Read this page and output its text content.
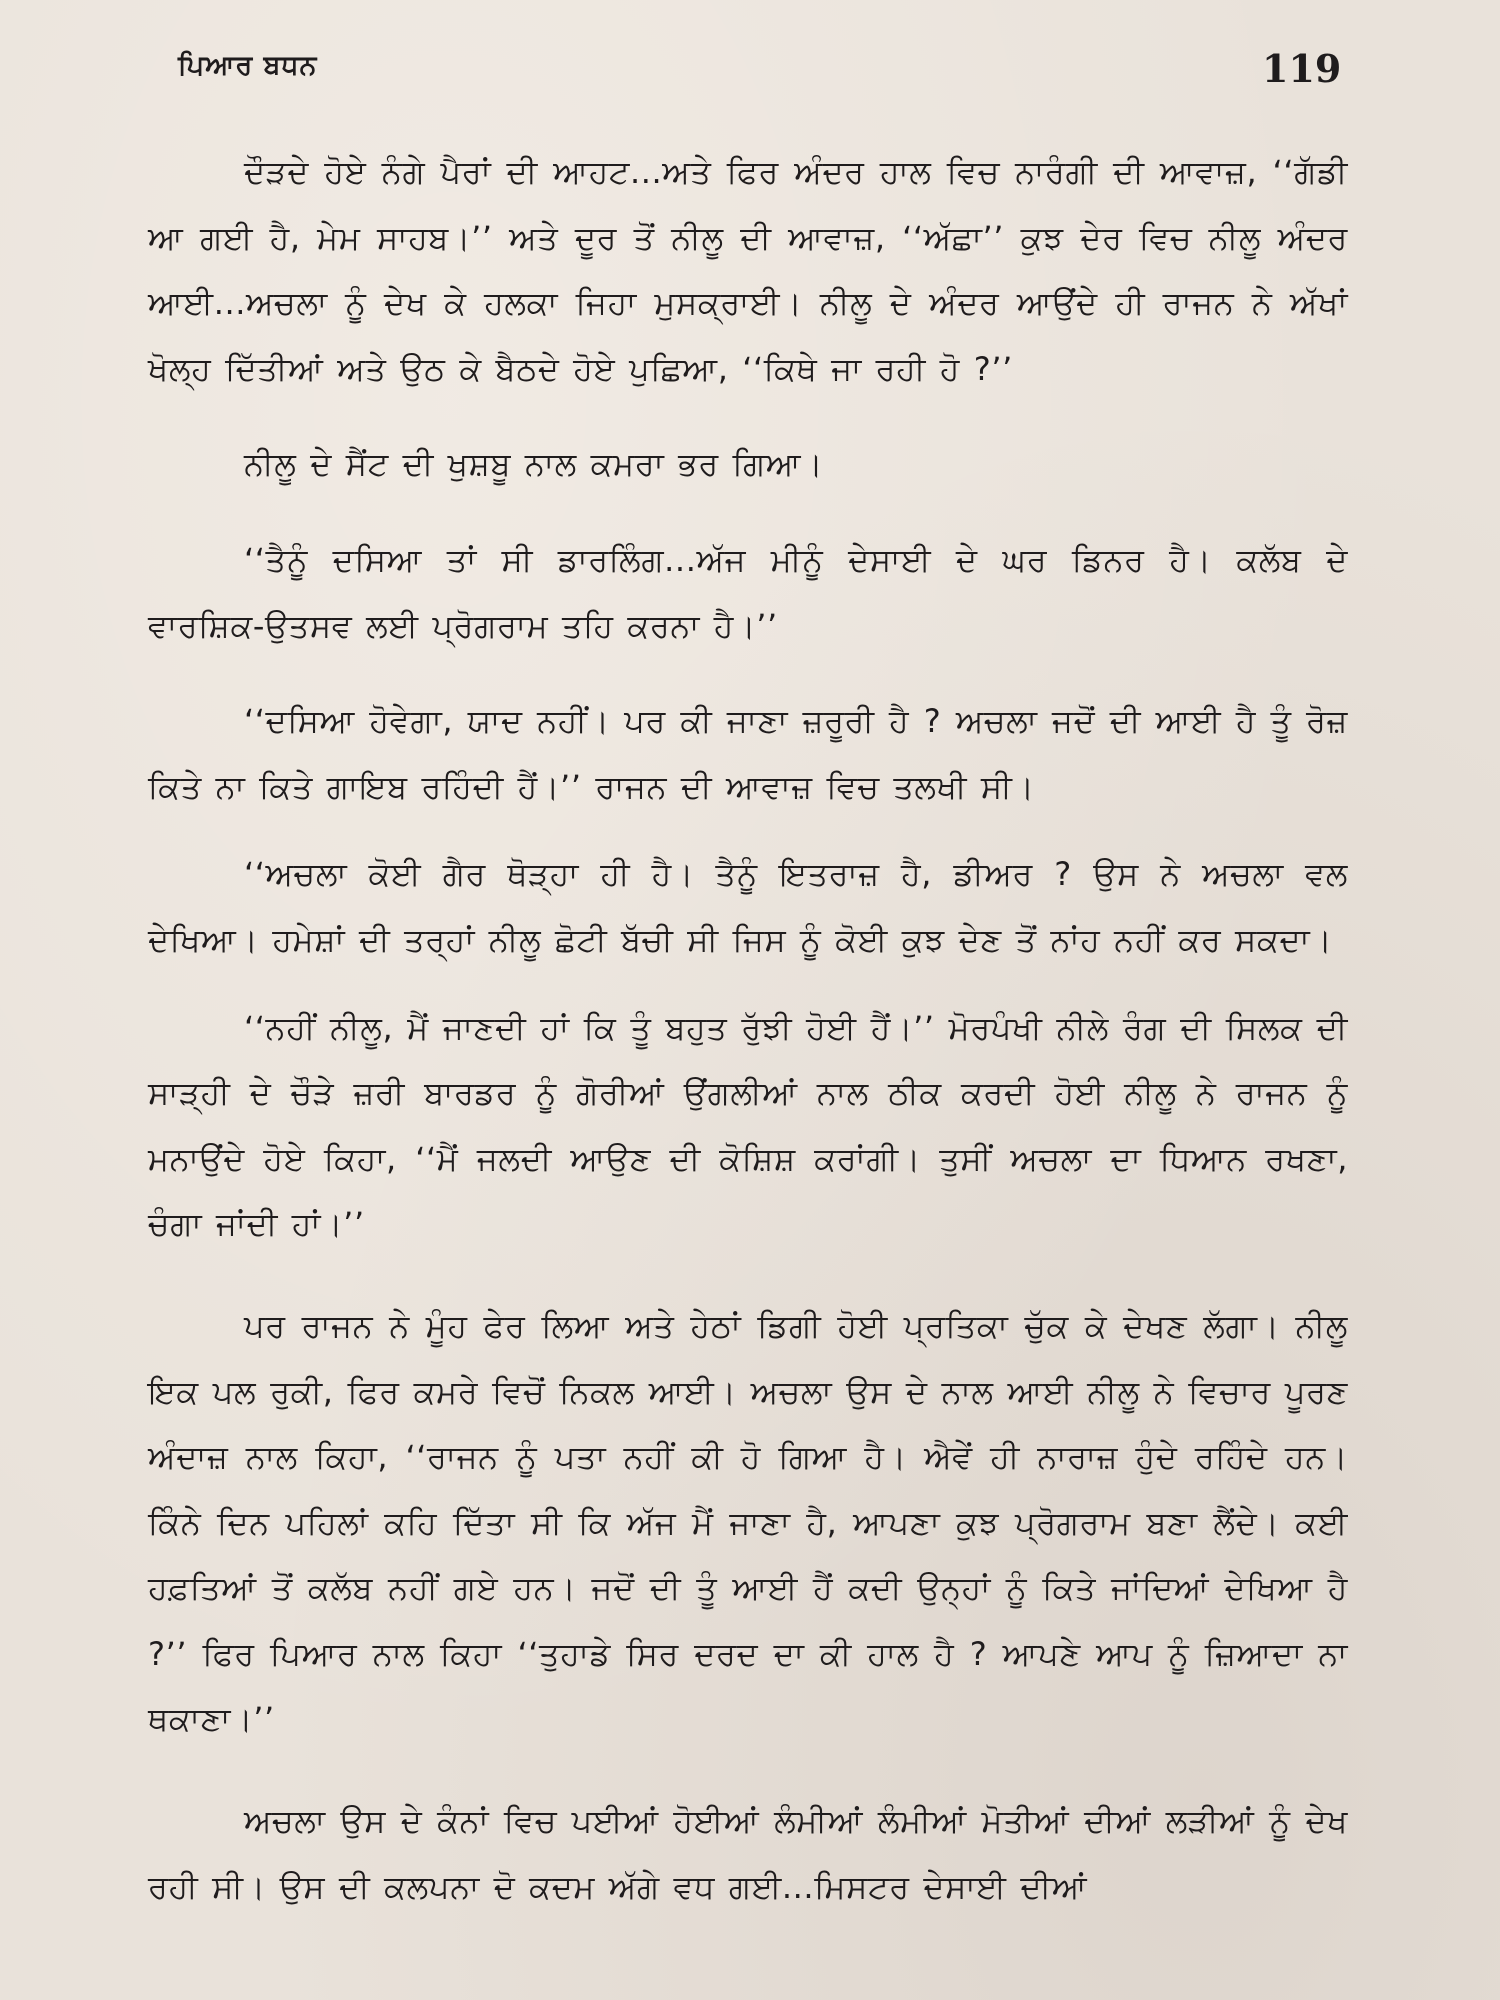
ਪਿਆਰ ਬਧਨ	119

ਦੌੜਦੇ ਹੋਏ ਨੰਗੇ ਪੈਰਾਂ ਦੀ ਆਹਟ...ਅਤੇ ਫਿਰ ਅੰਦਰ ਹਾਲ ਵਿਚ ਨਾਰੰਗੀ ਦੀ ਆਵਾਜ਼, ‘‘ਗੱਡੀ ਆ ਗਈ ਹੈ, ਮੇਮ ਸਾਹਬ।’’ ਅਤੇ ਦੂਰ ਤੋਂ ਨੀਲੂ ਦੀ ਆਵਾਜ਼, ‘‘ਅੱਛਾ’’ ਕੁਝ ਦੇਰ ਵਿਚ ਨੀਲੂ ਅੰਦਰ ਆਈ...ਅਚਲਾ ਨੂੰ ਦੇਖ ਕੇ ਹਲਕਾ ਜਿਹਾ ਮੁਸਕ੍ਰਾਈ। ਨੀਲੂ ਦੇ ਅੰਦਰ ਆਉਂਦੇ ਹੀ ਰਾਜਨ ਨੇ ਅੱਖਾਂ ਖੋਲ੍ਹ ਦਿੱਤੀਆਂ ਅਤੇ ਉਠ ਕੇ ਬੈਠਦੇ ਹੋਏ ਪੁਛਿਆ, ‘‘ਕਿਥੇ ਜਾ ਰਹੀ ਹੋ ?’’

ਨੀਲੂ ਦੇ ਸੈਂਟ ਦੀ ਖੁਸ਼ਬੂ ਨਾਲ ਕਮਰਾ ਭਰ ਗਿਆ।

‘‘ਤੈਨੂੰ ਦਸਿਆ ਤਾਂ ਸੀ ਡਾਰਲਿੰਗ...ਅੱਜ ਮੀਨੂੰ ਦੇਸਾਈ ਦੇ ਘਰ ਡਿਨਰ ਹੈ। ਕਲੱਬ ਦੇ ਵਾਰਸ਼ਿਕ-ਉਤਸਵ ਲਈ ਪ੍ਰੋਗਰਾਮ ਤਹਿ ਕਰਨਾ ਹੈ।’’

‘‘ਦਸਿਆ ਹੋਵੇਗਾ, ਯਾਦ ਨਹੀਂ। ਪਰ ਕੀ ਜਾਣਾ ਜ਼ਰੂਰੀ ਹੈ ? ਅਚਲਾ ਜਦੋਂ ਦੀ ਆਈ ਹੈ ਤੂੰ ਰੋਜ਼ ਕਿਤੇ ਨਾ ਕਿਤੇ ਗਾਇਬ ਰਹਿੰਦੀ ਹੈਂ।’’ ਰਾਜਨ ਦੀ ਆਵਾਜ਼ ਵਿਚ ਤਲਖੀ ਸੀ।

‘‘ਅਚਲਾ ਕੋਈ ਗੈਰ ਥੋੜ੍ਹਾ ਹੀ ਹੈ। ਤੈਨੂੰ ਇਤਰਾਜ਼ ਹੈ, ਡੀਅਰ ? ਉਸ ਨੇ ਅਚਲਾ ਵਲ ਦੇਖਿਆ। ਹਮੇਸ਼ਾਂ ਦੀ ਤਰ੍ਹਾਂ ਨੀਲੂ ਛੋਟੀ ਬੱਚੀ ਸੀ ਜਿਸ ਨੂੰ ਕੋਈ ਕੁਝ ਦੇਣ ਤੋਂ ਨਾਂਹ ਨਹੀਂ ਕਰ ਸਕਦਾ।

‘‘ਨਹੀਂ ਨੀਲੂ, ਮੈਂ ਜਾਣਦੀ ਹਾਂ ਕਿ ਤੂੰ ਬਹੁਤ ਰੁੱਝੀ ਹੋਈ ਹੈਂ।’’ ਮੋਰਪੰਖੀ ਨੀਲੇ ਰੰਗ ਦੀ ਸਿਲਕ ਦੀ ਸਾੜ੍ਹੀ ਦੇ ਚੌੜੇ ਜ਼ਰੀ ਬਾਰਡਰ ਨੂੰ ਗੋਰੀਆਂ ਉਂਗਲੀਆਂ ਨਾਲ ਠੀਕ ਕਰਦੀ ਹੋਈ ਨੀਲੂ ਨੇ ਰਾਜਨ ਨੂੰ ਮਨਾਉਂਦੇ ਹੋਏ ਕਿਹਾ, ‘‘ਮੈਂ ਜਲਦੀ ਆਉਣ ਦੀ ਕੋਸ਼ਿਸ਼ ਕਰਾਂਗੀ। ਤੁਸੀਂ ਅਚਲਾ ਦਾ ਧਿਆਨ ਰਖਣਾ, ਚੰਗਾ ਜਾਂਦੀ ਹਾਂ।’’

ਪਰ ਰਾਜਨ ਨੇ ਮੂੰਹ ਫੇਰ ਲਿਆ ਅਤੇ ਹੇਠਾਂ ਡਿਗੀ ਹੋਈ ਪ੍ਰਤਿਕਾ ਚੁੱਕ ਕੇ ਦੇਖਣ ਲੱਗਾ। ਨੀਲੂ ਇਕ ਪਲ ਰੁਕੀ, ਫਿਰ ਕਮਰੇ ਵਿਚੋਂ ਨਿਕਲ ਆਈ। ਅਚਲਾ ਉਸ ਦੇ ਨਾਲ ਆਈ ਨੀਲੂ ਨੇ ਵਿਚਾਰ ਪੂਰਣ ਅੰਦਾਜ਼ ਨਾਲ ਕਿਹਾ, ‘‘ਰਾਜਨ ਨੂੰ ਪਤਾ ਨਹੀਂ ਕੀ ਹੋ ਗਿਆ ਹੈ। ਐਵੇਂ ਹੀ ਨਾਰਾਜ਼ ਹੁੰਦੇ ਰਹਿੰਦੇ ਹਨ। ਕਿੰਨੇ ਦਿਨ ਪਹਿਲਾਂ ਕਹਿ ਦਿੱਤਾ ਸੀ ਕਿ ਅੱਜ ਮੈਂ ਜਾਣਾ ਹੈ, ਆਪਣਾ ਕੁਝ ਪ੍ਰੋਗਰਾਮ ਬਣਾ ਲੈਂਦੇ। ਕਈ ਹਫ਼ਤਿਆਂ ਤੋਂ ਕਲੱਬ ਨਹੀਂ ਗਏ ਹਨ। ਜਦੋਂ ਦੀ ਤੂੰ ਆਈ ਹੈਂ ਕਦੀ ਉਨ੍ਹਾਂ ਨੂੰ ਕਿਤੇ ਜਾਂਦਿਆਂ ਦੇਖਿਆ ਹੈ ?’’ ਫਿਰ ਪਿਆਰ ਨਾਲ ਕਿਹਾ ‘‘ਤੁਹਾਡੇ ਸਿਰ ਦਰਦ ਦਾ ਕੀ ਹਾਲ ਹੈ ? ਆਪਣੇ ਆਪ ਨੂੰ ਜ਼ਿਆਦਾ ਨਾ ਥਕਾਣਾ।’’

ਅਚਲਾ ਉਸ ਦੇ ਕੰਨਾਂ ਵਿਚ ਪਈਆਂ ਹੋਈਆਂ ਲੰਮੀਆਂ ਲੰਮੀਆਂ ਮੋਤੀਆਂ ਦੀਆਂ ਲੜੀਆਂ ਨੂੰ ਦੇਖ ਰਹੀ ਸੀ। ਉਸ ਦੀ ਕਲਪਨਾ ਦੋ ਕਦਮ ਅੱਗੇ ਵਧ ਗਈ...ਮਿਸਟਰ ਦੇਸਾਈ ਦੀਆਂ
